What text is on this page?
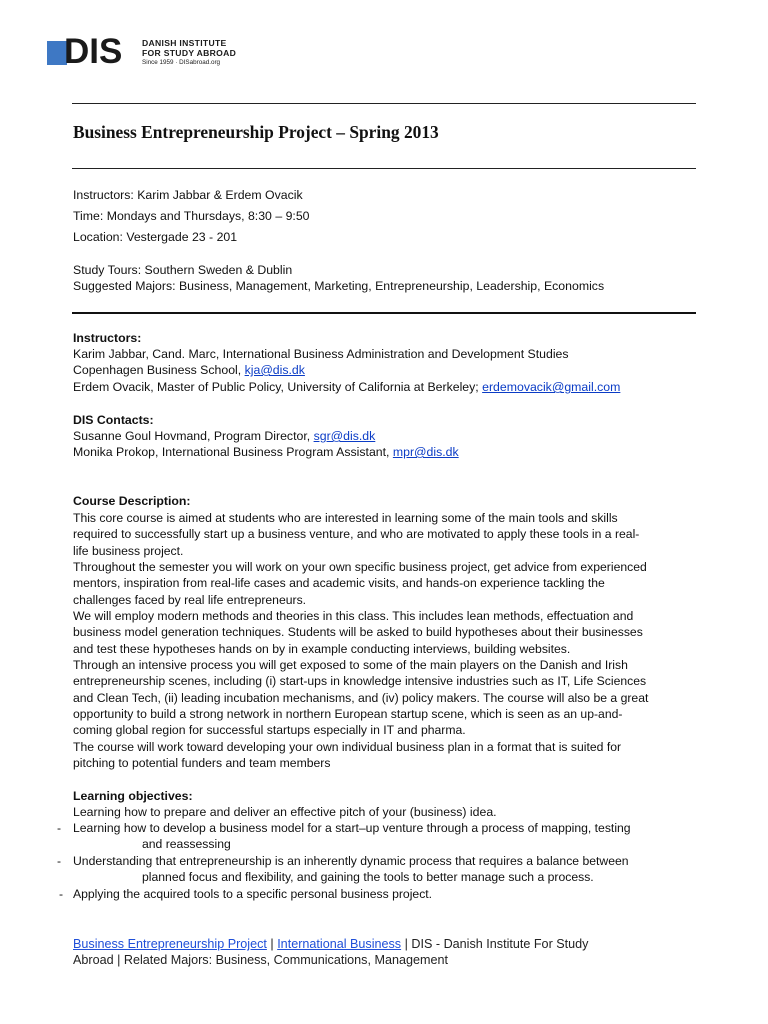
DIS DANISH INSTITUTE
FOR STUDY ABROAD
Since 1959 · DISabroad.org
Business Entrepreneurship Project – Spring 2013
Instructors: Karim Jabbar & Erdem Ovacik
Time: Mondays and Thursdays, 8:30 – 9:50
Location: Vestergade 23 - 201
Study Tours: Southern Sweden & Dublin
Suggested Majors: Business, Management, Marketing, Entrepreneurship, Leadership, Economics
Instructors:
Karim Jabbar, Cand. Marc, International Business Administration and Development Studies
Copenhagen Business School, kja@dis.dk
Erdem Ovacik, Master of Public Policy, University of California at Berkeley; erdemovacik@gmail.com
DIS Contacts:
Susanne Goul Hovmand, Program Director, sgr@dis.dk
Monika Prokop, International Business Program Assistant, mpr@dis.dk
Course Description:

This core course is aimed at students who are interested in learning some of the main tools and skills

required to successfully start up a business venture, and who are motivated to apply these tools in a real-

life business project.

Throughout the semester you will work on your own specific business project, get advice from experienced

mentors, inspiration from real-life cases and academic visits, and hands-on experience tackling the

challenges faced by real life entrepreneurs.

We will employ modern methods and theories in this class. This includes lean methods, effectuation and

business model generation techniques. Students will be asked to build hypotheses about their businesses

and test these hypotheses hands on by in example conducting interviews, building websites.

Through an intensive process you will get exposed to some of the main players on the Danish and Irish

entrepreneurship scenes, including (i) start-ups in knowledge intensive industries such as IT, Life Sciences

and Clean Tech, (ii) leading incubation mechanisms, and (iv) policy makers. The course will also be a great

opportunity to build a strong network in northern European startup scene, which is seen as an up-and-

coming global region for successful startups especially in IT and pharma.

The course will work toward developing your own individual business plan in a format that is suited for

pitching to potential funders and team members

Learning objectives:
Learning how to prepare and deliver an effective pitch of your (business) idea.
- Learning how to develop a business model for a start–up venture through a process of mapping, testing
and reassessing
- Understanding that entrepreneurship is an inherently dynamic process that requires a balance between
planned focus and flexibility, and gaining the tools to better manage such a process.
- Applying the acquired tools to a specific personal business project.
Business Entrepreneurship Project | International Business | DIS - Danish Institute For Study
Abroad | Related Majors: Business, Communications, Management
